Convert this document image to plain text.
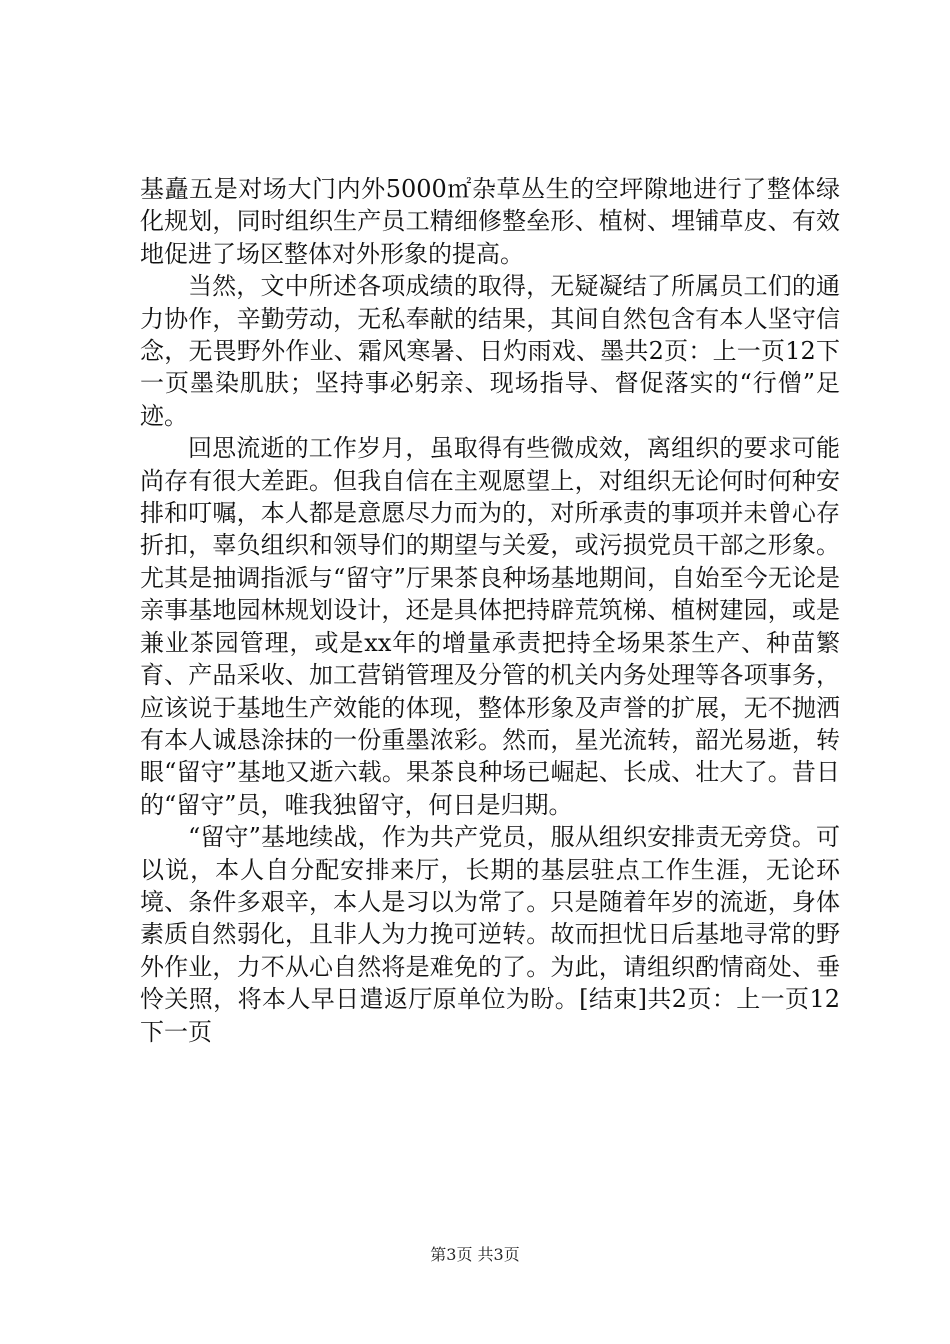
基矗五是对场大门内外5000㎡杂草丛生的空坪隙地进行了整体绿化规划，同时组织生产员工精细修整垒形、植树、埋铺草皮、有效地促进了场区整体对外形象的提高。

当然，文中所述各项成绩的取得，无疑凝结了所属员工们的通力协作，辛勤劳动，无私奉献的结果，其间自然包含有本人坚守信念，无畏野外作业、霜风寒暑、日灼雨戏、墨共2页：上一页12下一页墨染肌肤；坚持事必躬亲、现场指导、督促落实的“行僧”足迹。

回思流逝的工作岁月，虽取得有些微成效，离组织的要求可能尚存有很大差距。但我自信在主观愿望上，对组织无论何时何种安排和叮嘱，本人都是意愿尽力而为的，对所承责的事项并未曾心存折扣，辜负组织和领导们的期望与关爱，或污损党员干部之形象。尤其是抽调指派与“留守”厅果茶良种场基地期间，自始至今无论是亲事基地园林规划设计，还是具体把持辟荒筑梯、植树建园，或是兼业茶园管理，或是xx年的增量承责把持全场果茶生产、种苗繁育、产品采收、加工营销管理及分管的机关内务处理等各项事务，应该说于基地生产效能的体现，整体形象及声誉的扩展，无不抛洒有本人诚恳涂抹的一份重墨浓彩。然而，星光流转，韶光易逝，转眼“留守”基地又逝六载。果茶良种场已崛起、长成、壮大了。昔日的“留守”员，唯我独留守，何日是归期。

“留守”基地续战，作为共产党员，服从组织安排责无旁贷。可以说，本人自分配安排来厅，长期的基层驻点工作生涯，无论环境、条件多艰辛，本人是习以为常了。只是随着年岁的流逝，身体素质自然弱化，且非人为力挽可逆转。故而担忧日后基地寻常的野外作业，力不从心自然将是难免的了。为此，请组织酌情商处、垂怜关照，将本人早日遣返厅原单位为盼。[结束]共2页：上一页12下一页

第3页 共3页
